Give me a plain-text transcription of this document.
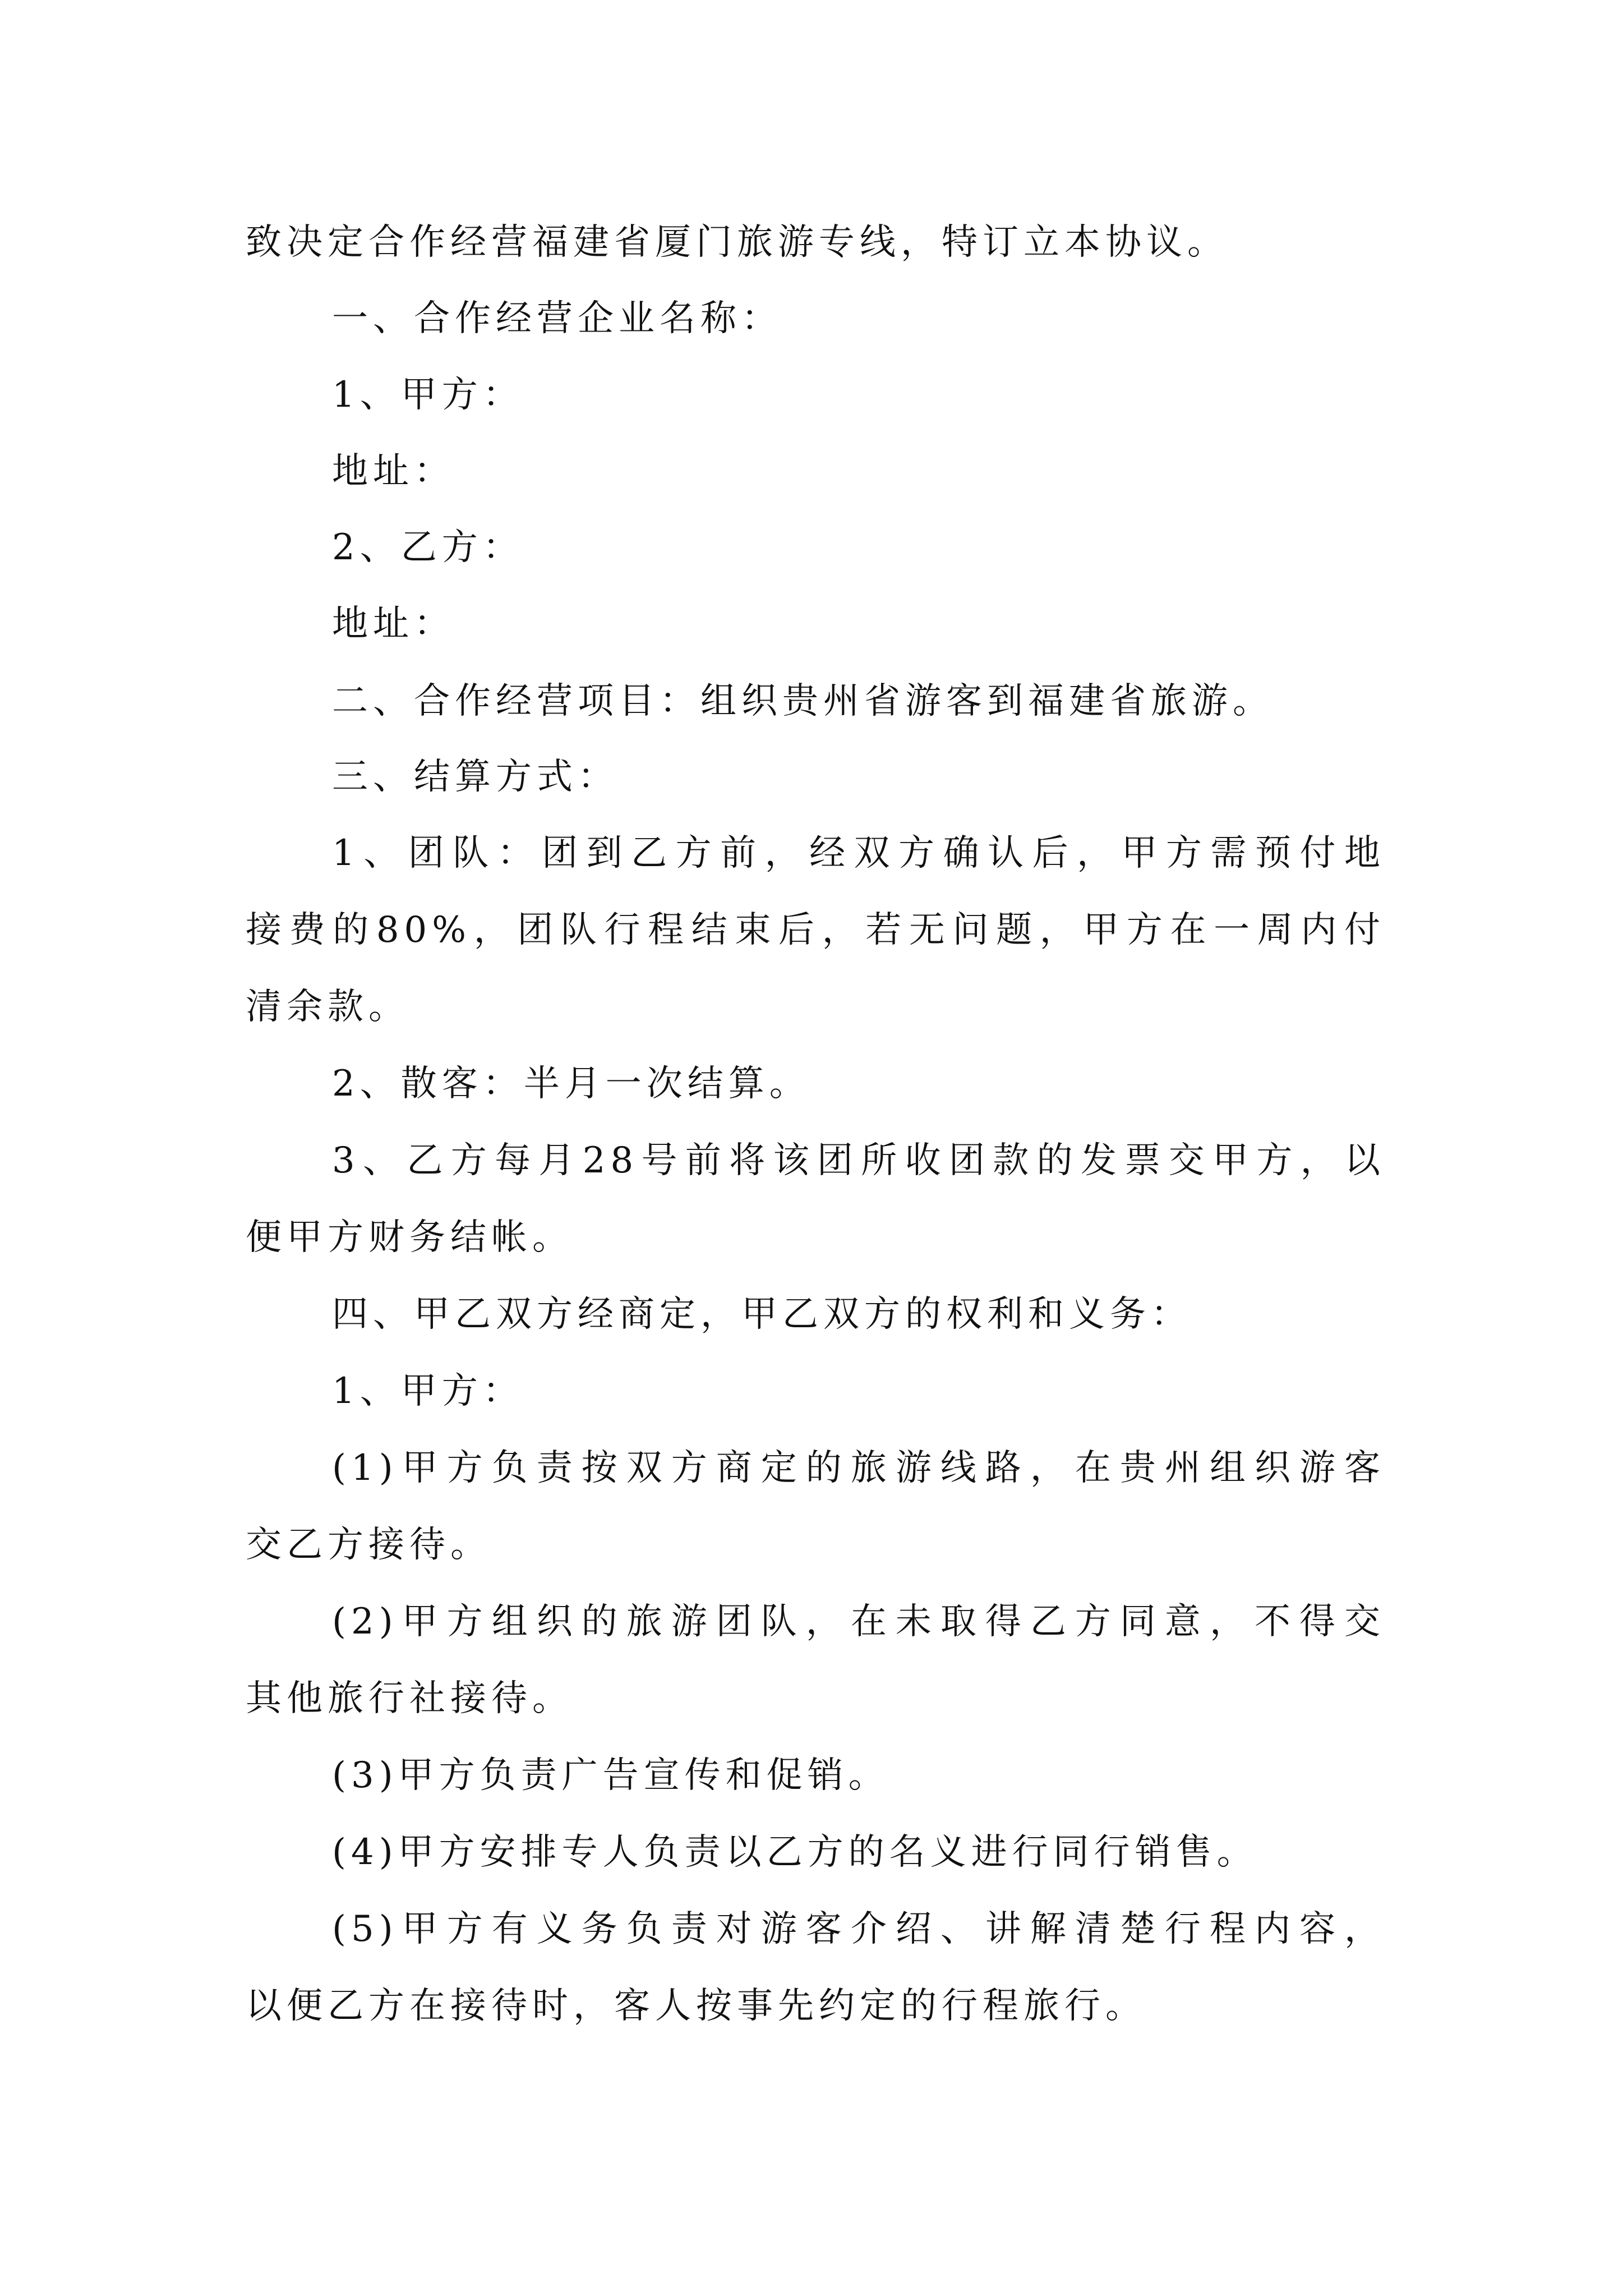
致决定合作经营福建省厦门旅游专线，特订立本协议。
一、合作经营企业名称：
1、甲方：
地址：
2、乙方：
地址：
二、合作经营项目：组织贵州省游客到福建省旅游。
三、结算方式：
1、团队：团到乙方前，经双方确认后，甲方需预付地
接费的80%，团队行程结束后，若无问题，甲方在一周内付
清余款。
2、散客：半月一次结算。
3、乙方每月28号前将该团所收团款的发票交甲方，以
便甲方财务结帐。
四、甲乙双方经商定，甲乙双方的权利和义务：
1、甲方：
(1)甲方负责按双方商定的旅游线路，在贵州组织游客
交乙方接待。
(2)甲方组织的旅游团队，在未取得乙方同意，不得交
其他旅行社接待。
(3)甲方负责广告宣传和促销。
(4)甲方安排专人负责以乙方的名义进行同行销售。
(5)甲方有义务负责对游客介绍、讲解清楚行程内容，
以便乙方在接待时，客人按事先约定的行程旅行。
